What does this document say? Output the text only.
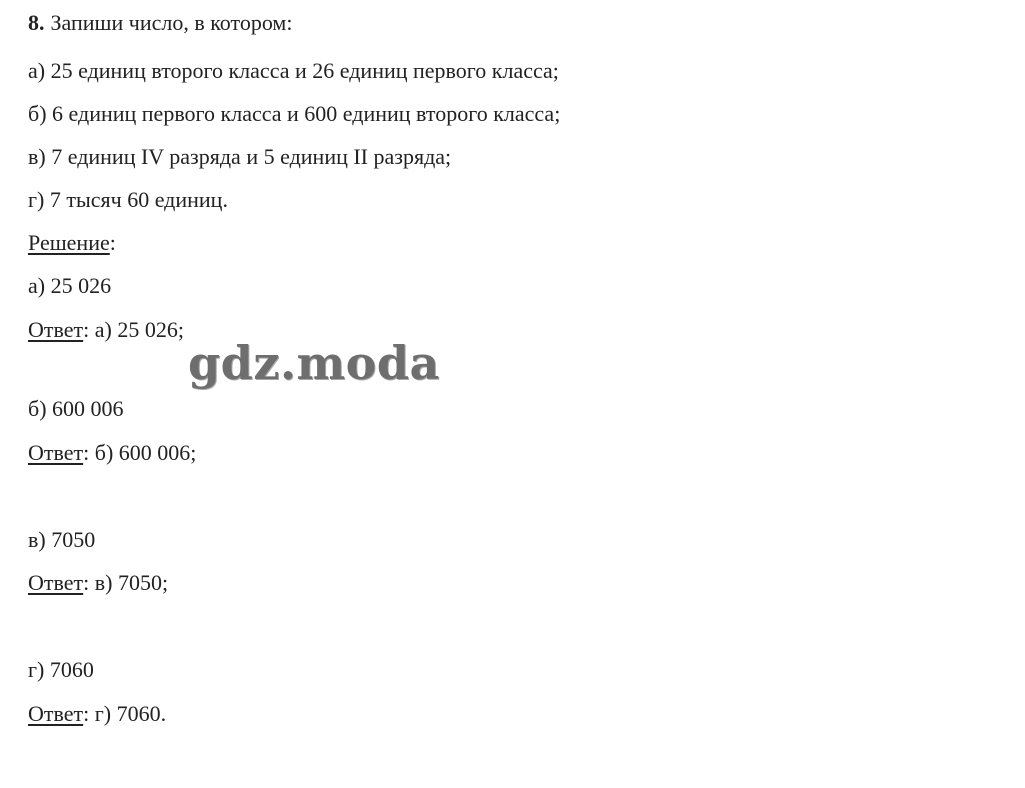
8. Запиши число, в котором:
а) 25 единиц второго класса и 26 единиц первого класса;
б) 6 единиц первого класса и 600 единиц второго класса;
в) 7 единиц IV разряда и 5 единиц II разряда;
г) 7 тысяч 60 единиц.
Решение:
а) 25 026
Ответ: а) 25 026;
б) 600 006
Ответ: б) 600 006;
в) 7050
Ответ: в) 7050;
г) 7060
Ответ: г) 7060.
gdz.moda
